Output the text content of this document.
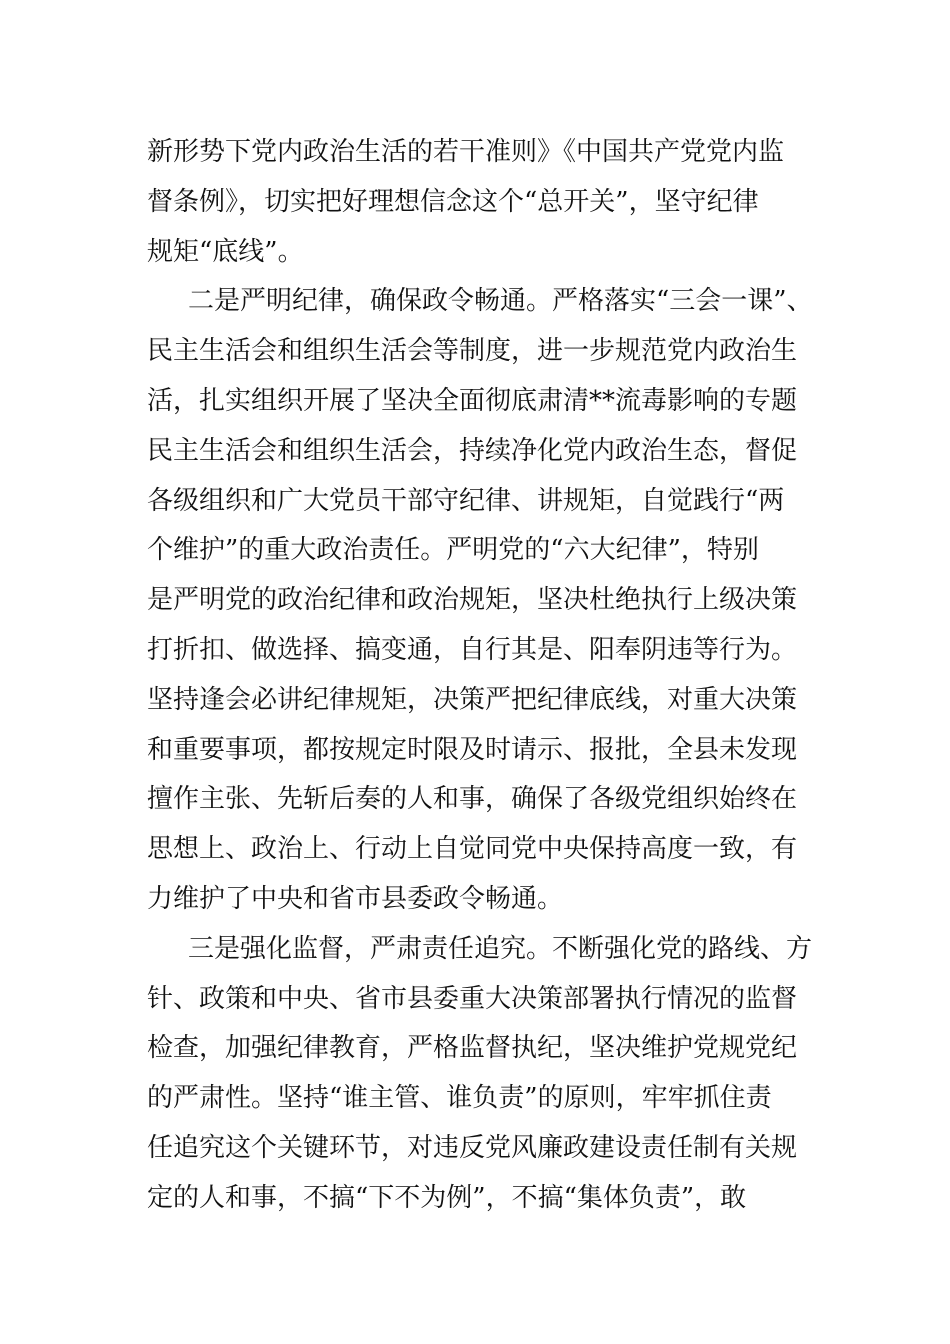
新形势下党内政治生活的若干准则》《中国共产党党内监
督条例》，切实把好理想信念这个“总开关”，坚守纪律
规矩“底线”。
二是严明纪律，确保政令畅通。严格落实“三会一课”、
民主生活会和组织生活会等制度，进一步规范党内政治生
活，扎实组织开展了坚决全面彻底肃清**流毒影响的专题
民主生活会和组织生活会，持续净化党内政治生态，督促
各级组织和广大党员干部守纪律、讲规矩，自觉践行“两
个维护”的重大政治责任。严明党的“六大纪律”，特别
是严明党的政治纪律和政治规矩，坚决杜绝执行上级决策
打折扣、做选择、搞变通，自行其是、阳奉阴违等行为。
坚持逢会必讲纪律规矩，决策严把纪律底线，对重大决策
和重要事项，都按规定时限及时请示、报批，全县未发现
擅作主张、先斩后奏的人和事，确保了各级党组织始终在
思想上、政治上、行动上自觉同党中央保持高度一致，有
力维护了中央和省市县委政令畅通。
三是强化监督，严肃责任追究。不断强化党的路线、方
针、政策和中央、省市县委重大决策部署执行情况的监督
检查，加强纪律教育，严格监督执纪，坚决维护党规党纪
的严肃性。坚持“谁主管、谁负责”的原则，牢牢抓住责
任追究这个关键环节，对违反党风廉政建设责任制有关规
定的人和事，不搞“下不为例”，不搞“集体负责”，敢
